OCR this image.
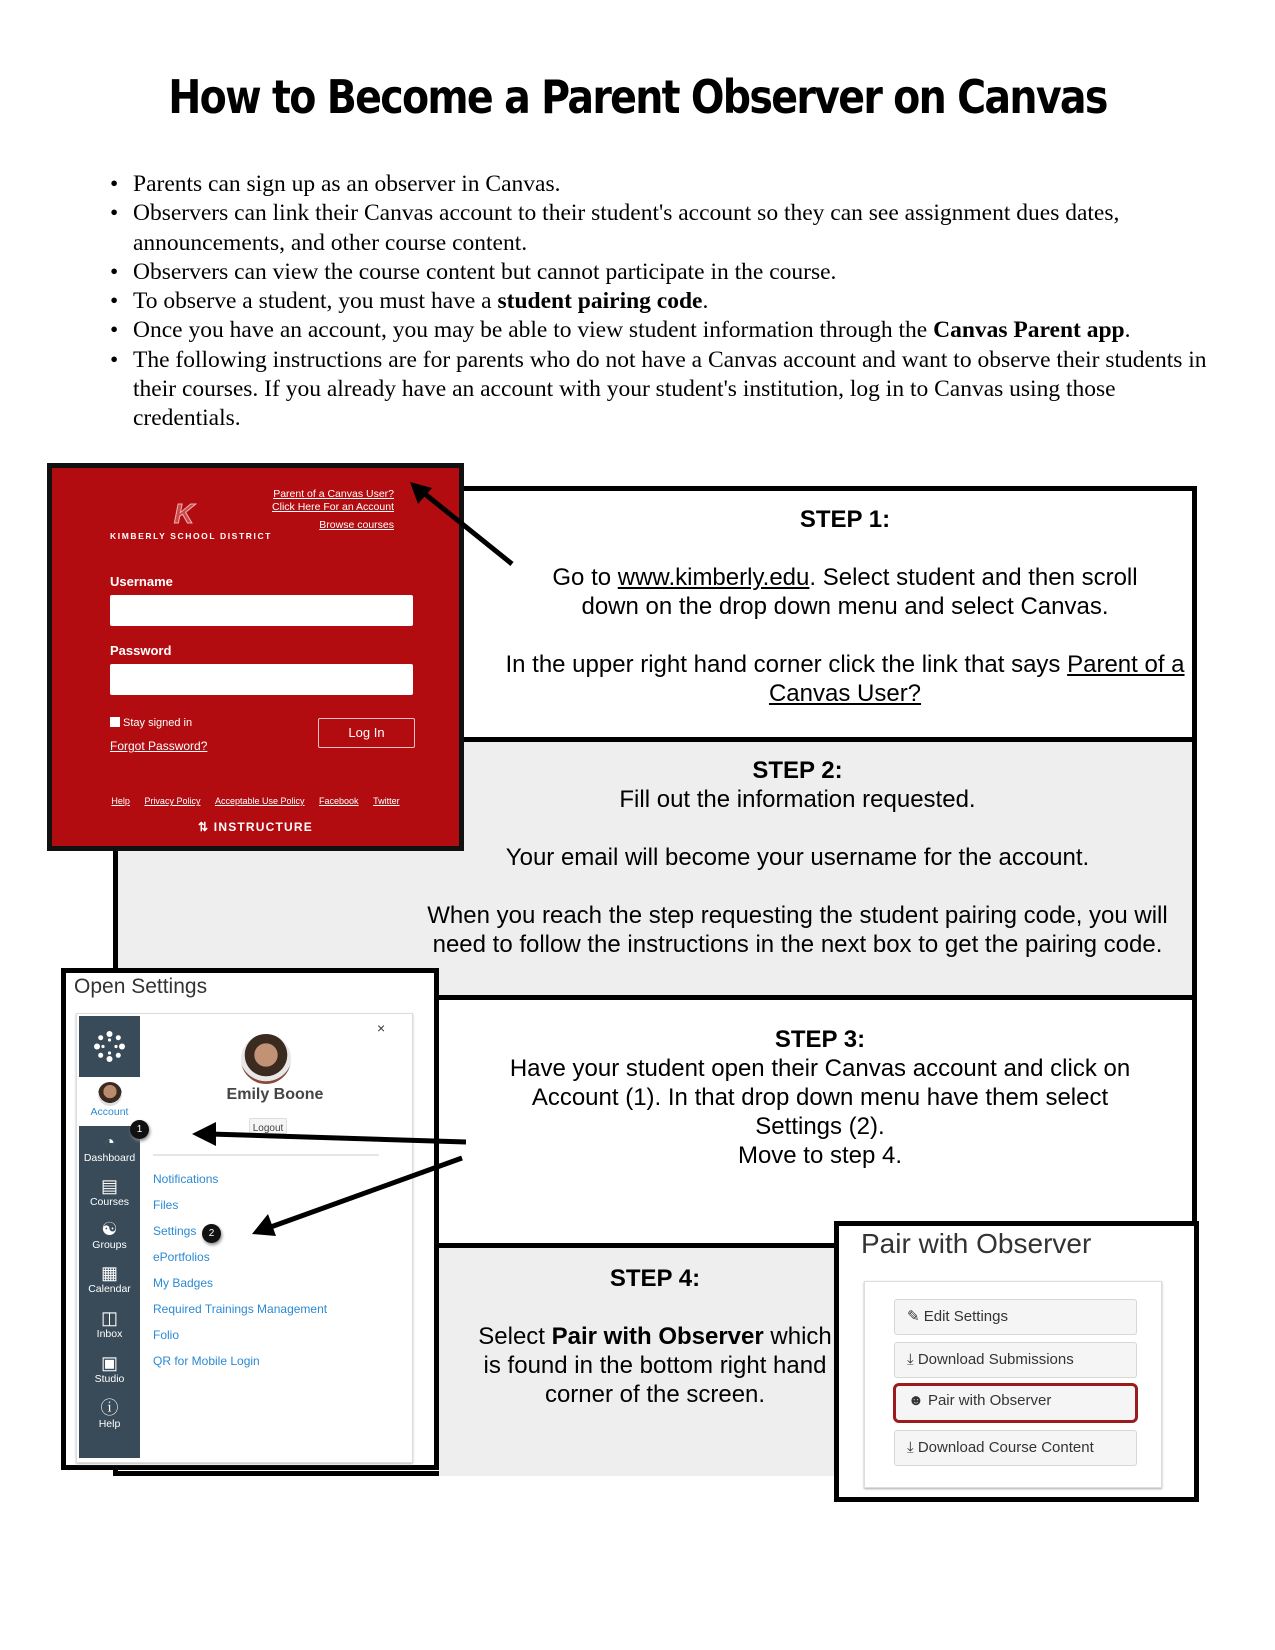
How to Become a Parent Observer on Canvas
• Parents can sign up as an observer in Canvas.
• Observers can link their Canvas account to their student's account so they can see assignment dues dates, announcements, and other course content.
• Observers can view the course content but cannot participate in the course.
• To observe a student, you must have a student pairing code.
• Once you have an account, you may be able to view student information through the Canvas Parent app.
• The following instructions are for parents who do not have a Canvas account and want to observe their students in their courses. If you already have an account with your student's institution, log in to Canvas using those credentials.
STEP 1:
Go to www.kimberly.edu. Select student and then scroll down on the drop down menu and select Canvas.
In the upper right hand corner click the link that says Parent of a Canvas User?
STEP 2:
Fill out the information requested.
Your email will become your username for the account.
When you reach the step requesting the student pairing code, you will need to follow the instructions in the next box to get the pairing code.
STEP 3:
Have your student open their Canvas account and click on Account (1). In that drop down menu have them select Settings (2).
Move to step 4.
STEP 4:
Select Pair with Observer which is found in the bottom right hand corner of the screen.
K
KIMBERLY SCHOOL DISTRICT
Parent of a Canvas User?
Click Here For an Account
Browse courses
Username
Password
Stay signed in
Forgot Password?
Log In
Help Privacy Policy Acceptable Use Policy Facebook Twitter
⇅ INSTRUCTURE
Open Settings
Account
◔
Dashboard
▤
Courses
☯
Groups
▦
Calendar
◫
Inbox
▣
Studio
ⓘ
Help
×
Emily Boone
Logout
Notifications
Files
Settings
ePortfolios
My Badges
Required Trainings Management
Folio
QR for Mobile Login
1
2	Pair with Observer
✎ Edit Settings
⤓ Download Submissions
☻ Pair with Observer
⤓ Download Course Content
